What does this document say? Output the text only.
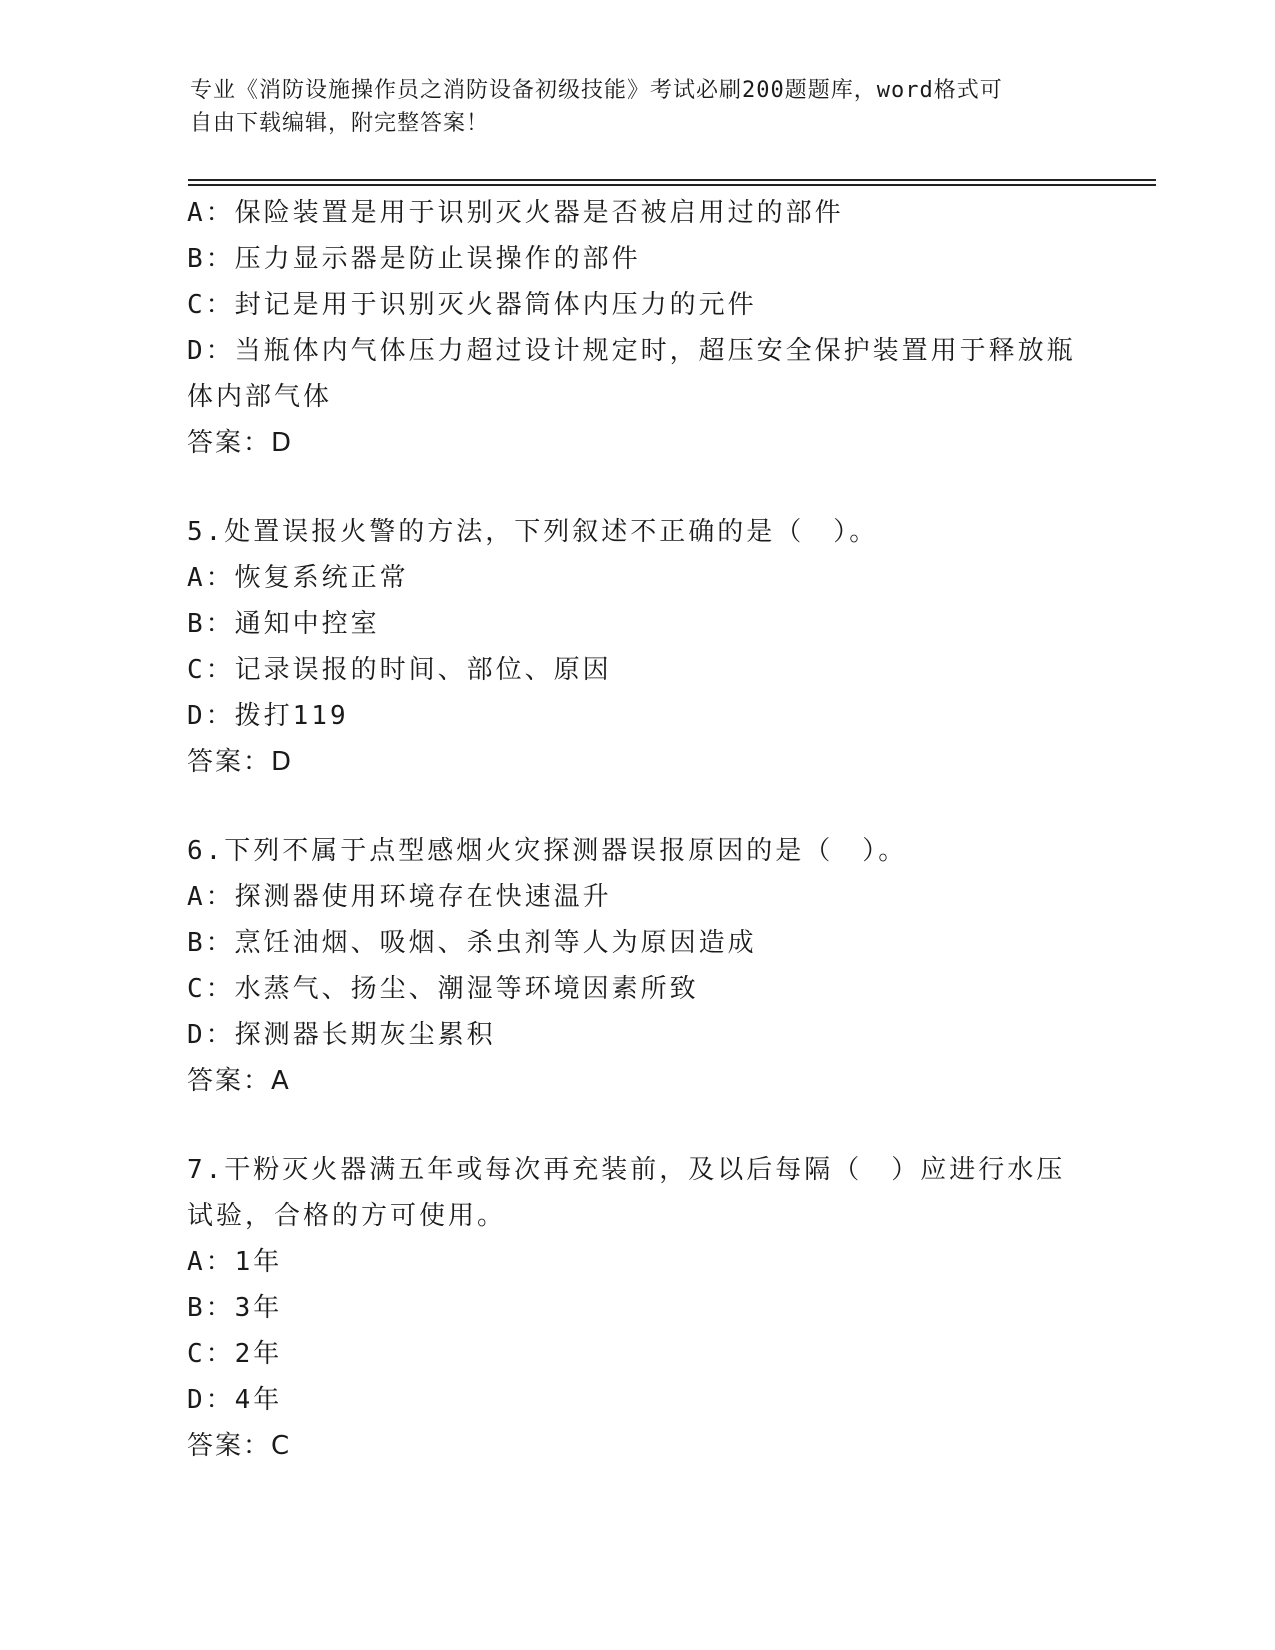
专业《消防设施操作员之消防设备初级技能》考试必刷200题题库，word格式可
自由下载编辑，附完整答案！
A：保险装置是用于识别灭火器是否被启用过的部件
B：压力显示器是防止误操作的部件
C：封记是用于识别灭火器筒体内压力的元件
D：当瓶体内气体压力超过设计规定时，超压安全保护装置用于释放瓶
体内部气体
答案：D
5.处置误报火警的方法，下列叙述不正确的是（　）。
A：恢复系统正常
B：通知中控室
C：记录误报的时间、部位、原因
D：拨打119
答案：D
6.下列不属于点型感烟火灾探测器误报原因的是（　）。
A：探测器使用环境存在快速温升
B：烹饪油烟、吸烟、杀虫剂等人为原因造成
C：水蒸气、扬尘、潮湿等环境因素所致
D：探测器长期灰尘累积
答案：A
7.干粉灭火器满五年或每次再充装前，及以后每隔（　）应进行水压
试验，合格的方可使用。
A：1年
B：3年
C：2年
D：4年
答案：C
